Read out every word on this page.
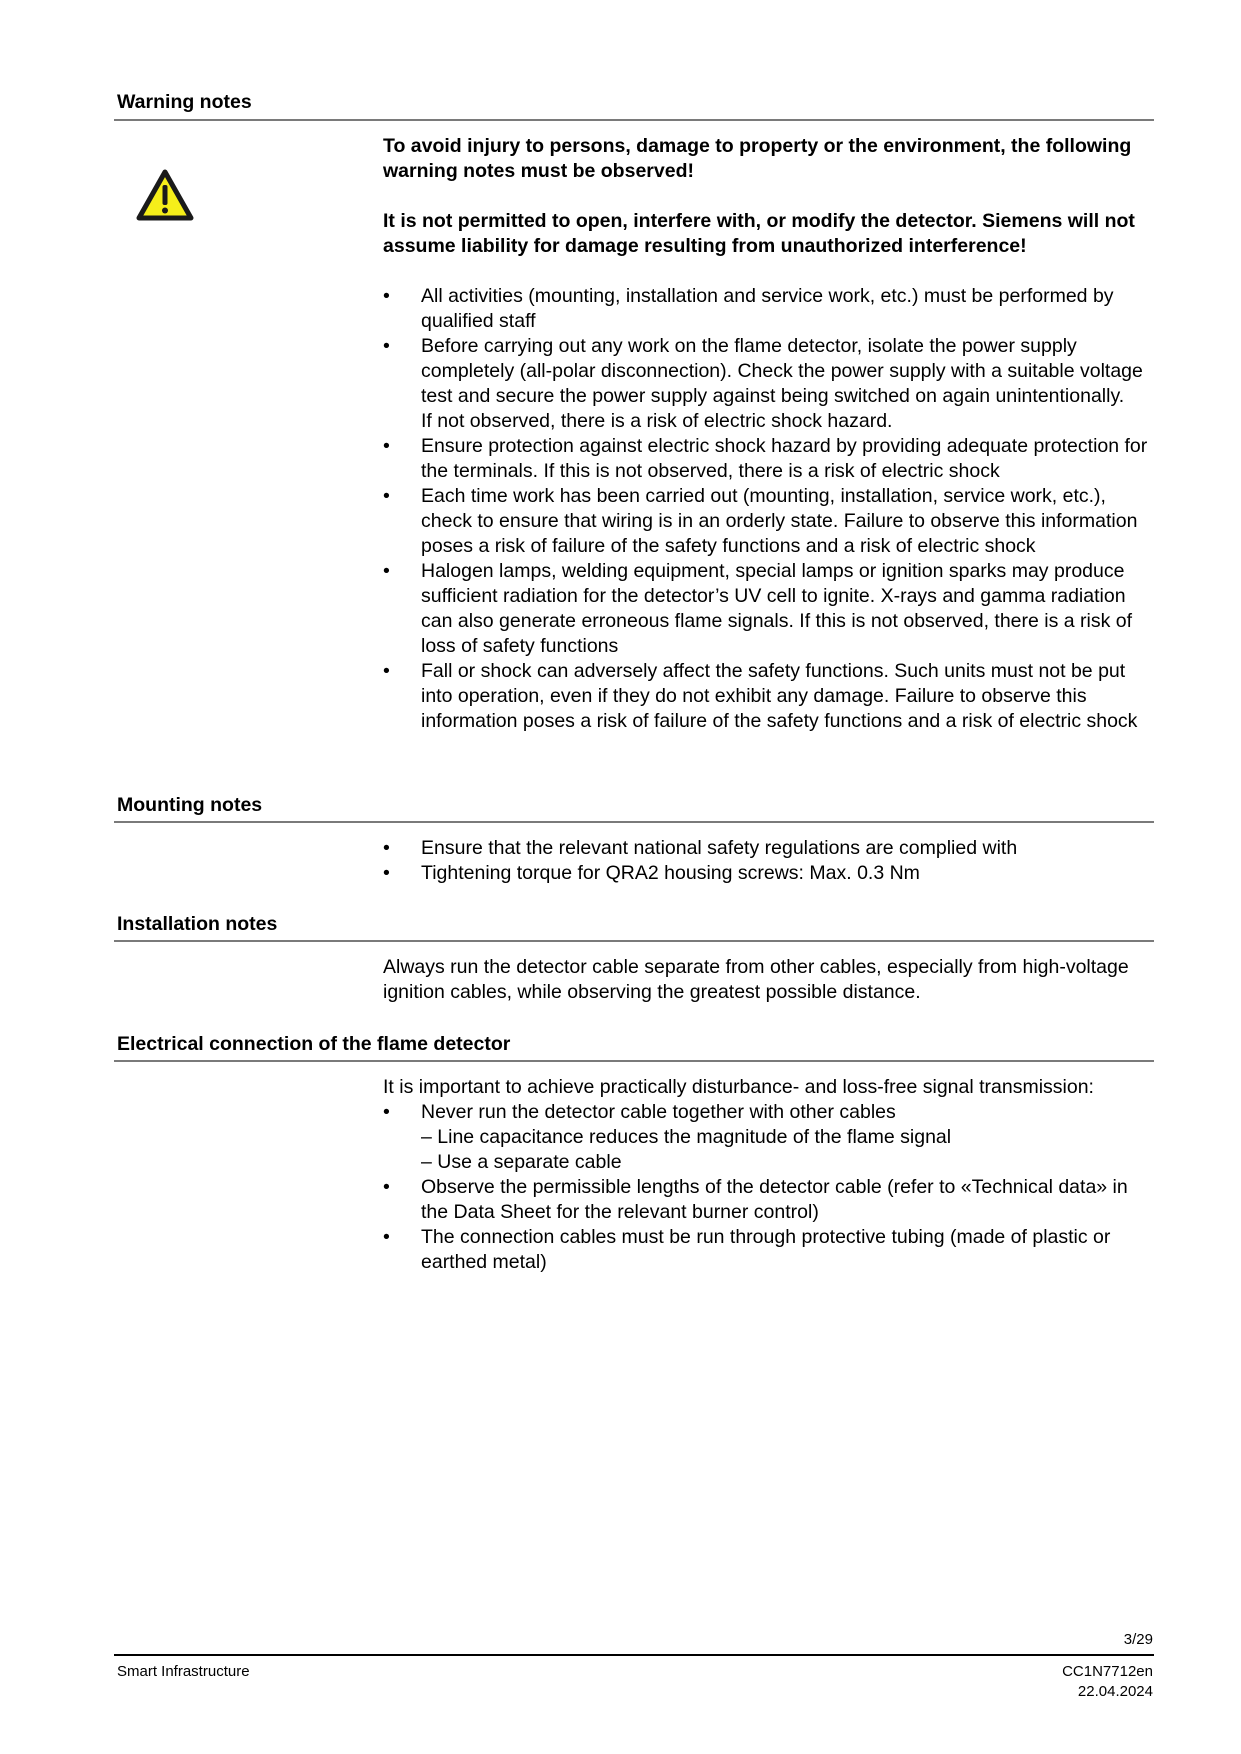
Warning notes

To avoid injury to persons, damage to property or the environment, the following warning notes must be observed!

It is not permitted to open, interfere with, or modify the detector. Siemens will not assume liability for damage resulting from unauthorized interference!

•	All activities (mounting, installation and service work, etc.) must be performed by qualified staff
•	Before carrying out any work on the flame detector, isolate the power supply completely (all-polar disconnection). Check the power supply with a suitable voltage test and secure the power supply against being switched on again unintentionally.
If not observed, there is a risk of electric shock hazard.
•	Ensure protection against electric shock hazard by providing adequate protection for the terminals. If this is not observed, there is a risk of electric shock
•	Each time work has been carried out (mounting, installation, service work, etc.), check to ensure that wiring is in an orderly state. Failure to observe this information poses a risk of failure of the safety functions and a risk of electric shock
•	Halogen lamps, welding equipment, special lamps or ignition sparks may produce sufficient radiation for the detector’s UV cell to ignite. X-rays and gamma radiation can also generate erroneous flame signals. If this is not observed, there is a risk of loss of safety functions
•	Fall or shock can adversely affect the safety functions. Such units must not be put into operation, even if they do not exhibit any damage. Failure to observe this information poses a risk of failure of the safety functions and a risk of electric shock
Mounting notes
•	Ensure that the relevant national safety regulations are complied with
•	Tightening torque for QRA2 housing screws: Max. 0.3 Nm
Installation notes

Always run the detector cable separate from other cables, especially from high-voltage ignition cables, while observing the greatest possible distance.

Electrical connection of the flame detector

It is important to achieve practically disturbance- and loss-free signal transmission:

•	Never run the detector cable together with other cables
– Line capacitance reduces the magnitude of the flame signal
– Use a separate cable
•	Observe the permissible lengths of the detector cable (refer to «Technical data» in the Data Sheet for the relevant burner control)
•	The connection cables must be run through protective tubing (made of plastic or earthed metal)
3/29
Smart Infrastructure	CC1N7712en
22.04.2024
